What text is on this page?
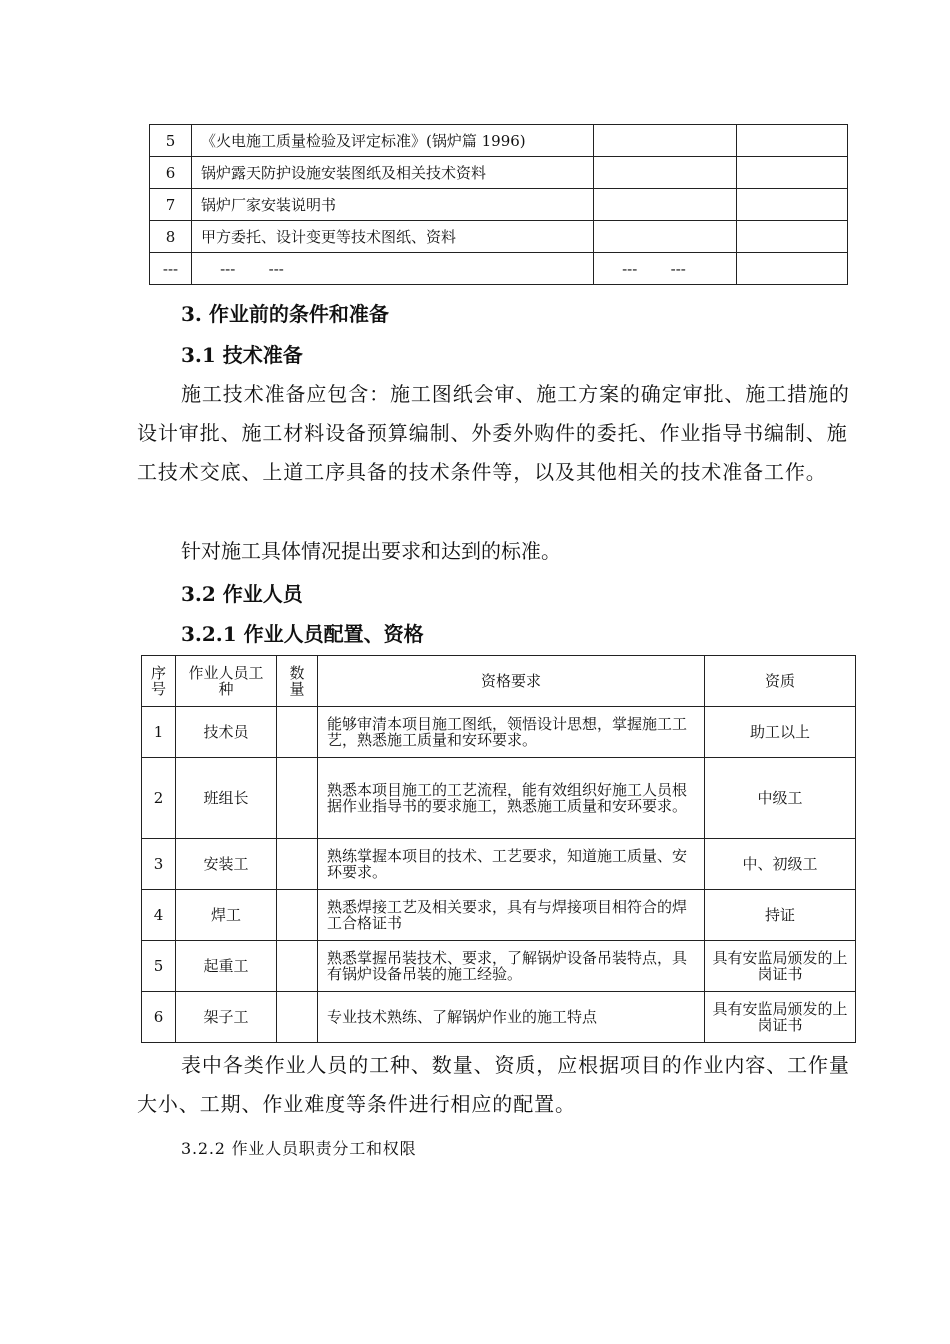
5	《火电施工质量检验及评定标准》(锅炉篇 1996)		
6	锅炉露天防护设施安装图纸及相关技术资料		
7	锅炉厂家安装说明书		
8	甲方委托、设计变更等技术图纸、资料		
---	---       ---	---       ---	
3. 作业前的条件和准备
3.1 技术准备
施工技术准备应包含：施工图纸会审、施工方案的确定审批、施工措施的设计审批、施工材料设备预算编制、外委外购件的委托、作业指导书编制、施工技术交底、上道工序具备的技术条件等，以及其他相关的技术准备工作。
针对施工具体情况提出要求和达到的标准。
3.2 作业人员
3.2.1 作业人员配置、资格
序号	作业人员工种	数量	资格要求	资质
1	技术员		能够审清本项目施工图纸，领悟设计思想，掌握施工工艺，熟悉施工质量和安环要求。	助工以上
2	班组长		熟悉本项目施工的工艺流程，能有效组织好施工人员根据作业指导书的要求施工，熟悉施工质量和安环要求。	中级工
3	安装工		熟练掌握本项目的技术、工艺要求，知道施工质量、安环要求。	中、初级工
4	焊工		熟悉焊接工艺及相关要求，具有与焊接项目相符合的焊工合格证书	持证
5	起重工		熟悉掌握吊装技术、要求，了解锅炉设备吊装特点，具有锅炉设备吊装的施工经验。	具有安监局颁发的上岗证书
6	架子工		专业技术熟练、了解锅炉作业的施工特点	具有安监局颁发的上岗证书
表中各类作业人员的工种、数量、资质，应根据项目的作业内容、工作量大小、工期、作业难度等条件进行相应的配置。
3.2.2 作业人员职责分工和权限
